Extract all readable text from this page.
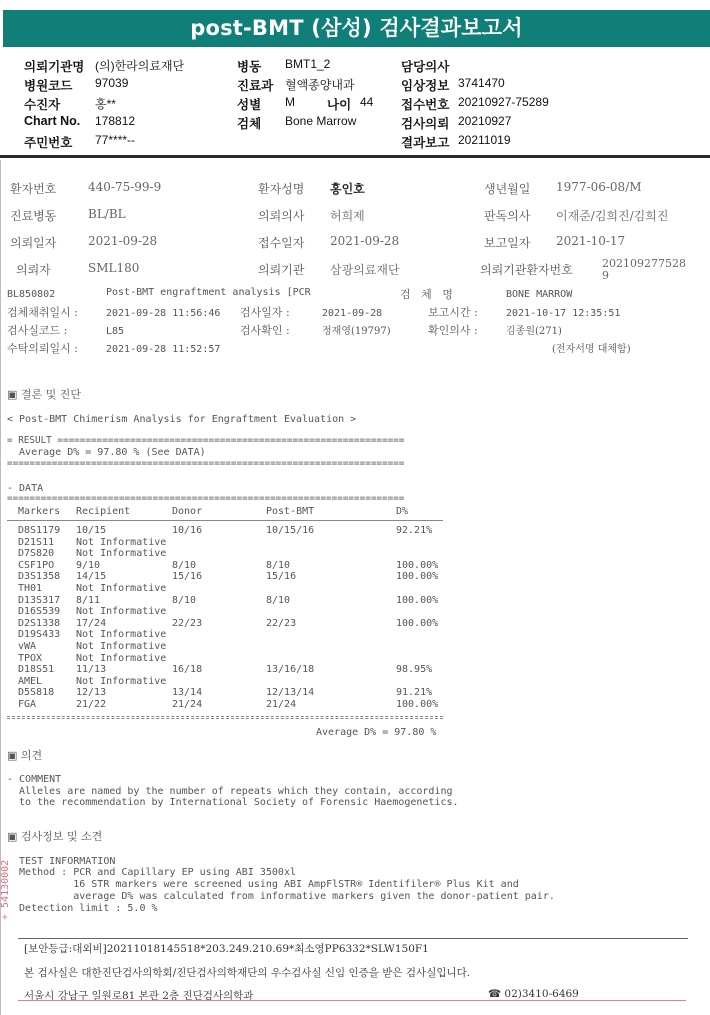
post-BMT (삼성) 검사결과보고서
의뢰기관명 (의)한라의료재단	병동 BMT1_2	담당의사
병원코드 97039	진료과 혈액종양내과	임상정보 3741470
수진자	홍**	성별 M	나이 44 접수번호 20210927-75289
Chart No. 178812	검체 Bone Marrow	검사의뢰 20210927
주민번호 77****--	결과보고 20211019
환자번호	440-75-99-9	환자성명 홍인호	생년월일 1977-06-08/M
진료병동	BL/BL	의뢰의사 허희제	판독의사 이재준/김희진/김희진
의뢰일자	2021-09-28	접수일자 2021-09-28	보고일자 2021-10-17
의뢰자	SML180	의뢰기관 삼광의료재단	의뢰기관환자번호	202109277528
9
BL850802	Post-BMT engraftment analysis [PCR	검   체   명	BONE MARROW
검체채취일시 :	2021-09-28 11:56:46 검사일자 :	2021-09-28	보고시간 :	2021-10-17 12:35:51
검사실코드 :	L85	검사확인 :	정재영(19797)	확인의사 :	김종원(271)
수탁의뢰일시 :	2021-09-28 11:52:57	(전자서명 대체함)
▣ 결론 및 진단
< Post-BMT Chimerism Analysis for Engraftment Evaluation >
= RESULT ==============================================================
Average D% = 97.80 % (See DATA)
=======================================================================
- DATA
=======================================================================
Markers Recipient	Donor	Post-BMT	D%
D8S1179 10/15	10/16	10/15/16	92.21%
D21S11 Not Informative
D7S820 Not Informative
CSF1PO 9/10	8/10	8/10	100.00%
D3S1358 14/15	15/16	15/16	100.00%
TH01	Not Informative
D13S317 8/11	8/10	8/10	100.00%
D16S539 Not Informative
D2S1338 17/24	22/23	22/23	100.00%
D19S433 Not Informative
vWA	Not Informative
TPOX	Not Informative
D18S51 11/13	16/18	13/16/18	98.95%
AMEL	Not Informative
D5S818 12/13	13/14	12/13/14	91.21%
FGA	21/22	21/24	21/24	100.00%
Average D% = 97.80 %
▣ 의견
- COMMENT
Alleles are named by the number of repeats which they contain, according
to the recommendation by International Society of Forensic Haemogenetics.
▣ 검사정보 및 소견
TEST INFORMATION
Method : PCR and Capillary EP using ABI 3500xl
16 STR markers were screened using ABI AmpFlSTR® Identifiler® Plus Kit and
average D% was calculated from informative markers given the donor-patient pair.
Detection limit : 5.0 %
[보안등급:대외비]20211018145518*203.249.210.69*최소영PP6332*SLW150F1
본 검사실은 대한진단검사의학회/진단검사의학재단의 우수검사실 신임 인증을 받은 검사실입니다.
서울시 강남구 일원로81 본관 2층 진단검사의학과	☎ 02)3410-6469
+ 54130002
